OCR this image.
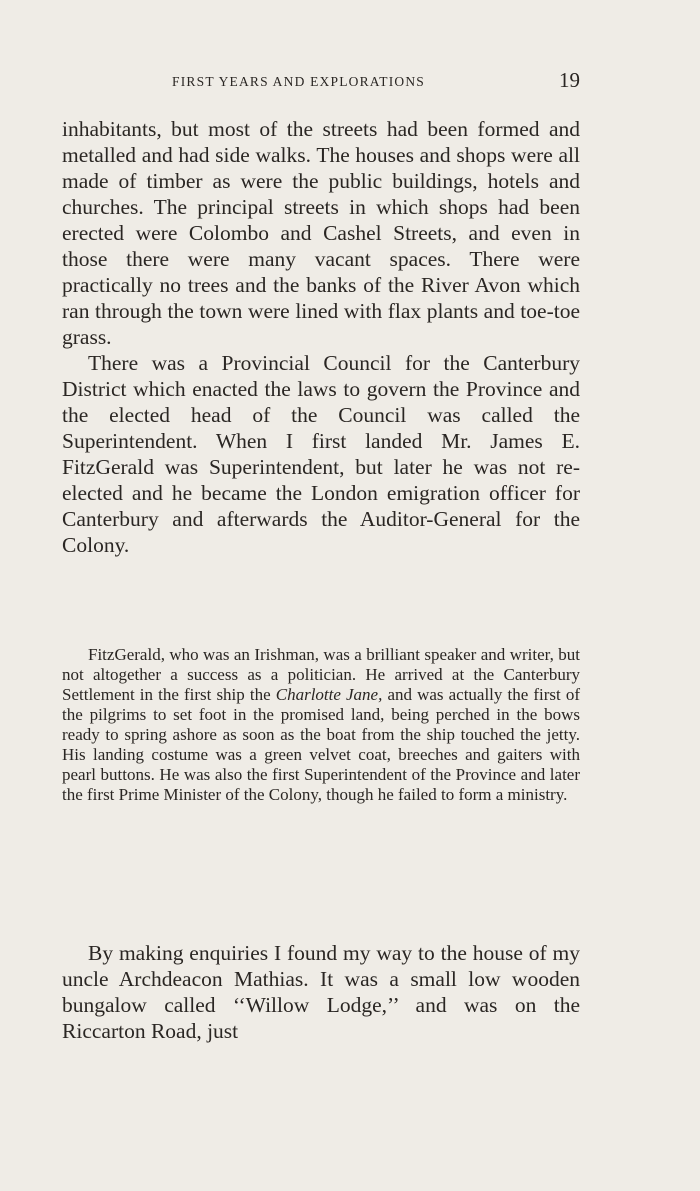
FIRST YEARS AND EXPLORATIONS	19

inhabitants, but most of the streets had been formed and metalled and had side walks. The houses and shops were all made of timber as were the public buildings, hotels and churches. The principal streets in which shops had been erected were Colombo and Cashel Streets, and even in those there were many vacant spaces. There were practically no trees and the banks of the River Avon which ran through the town were lined with flax plants and toe-toe grass.

There was a Provincial Council for the Canterbury District which enacted the laws to govern the Province and the elected head of the Council was called the Superintendent. When I first landed Mr. James E. FitzGerald was Superintendent, but later he was not re-elected and he became the London emigration officer for Canterbury and afterwards the Auditor-General for the Colony.

FitzGerald, who was an Irishman, was a brilliant speaker and writer, but not altogether a success as a politician. He arrived at the Canterbury Settlement in the first ship the Charlotte Jane, and was actually the first of the pilgrims to set foot in the promised land, being perched in the bows ready to spring ashore as soon as the boat from the ship touched the jetty. His landing costume was a green velvet coat, breeches and gaiters with pearl buttons. He was also the first Superintendent of the Province and later the first Prime Minister of the Colony, though he failed to form a ministry.

By making enquiries I found my way to the house of my uncle Archdeacon Mathias. It was a small low wooden bungalow called ‘‘Willow Lodge,’’ and was on the Riccarton Road, just
